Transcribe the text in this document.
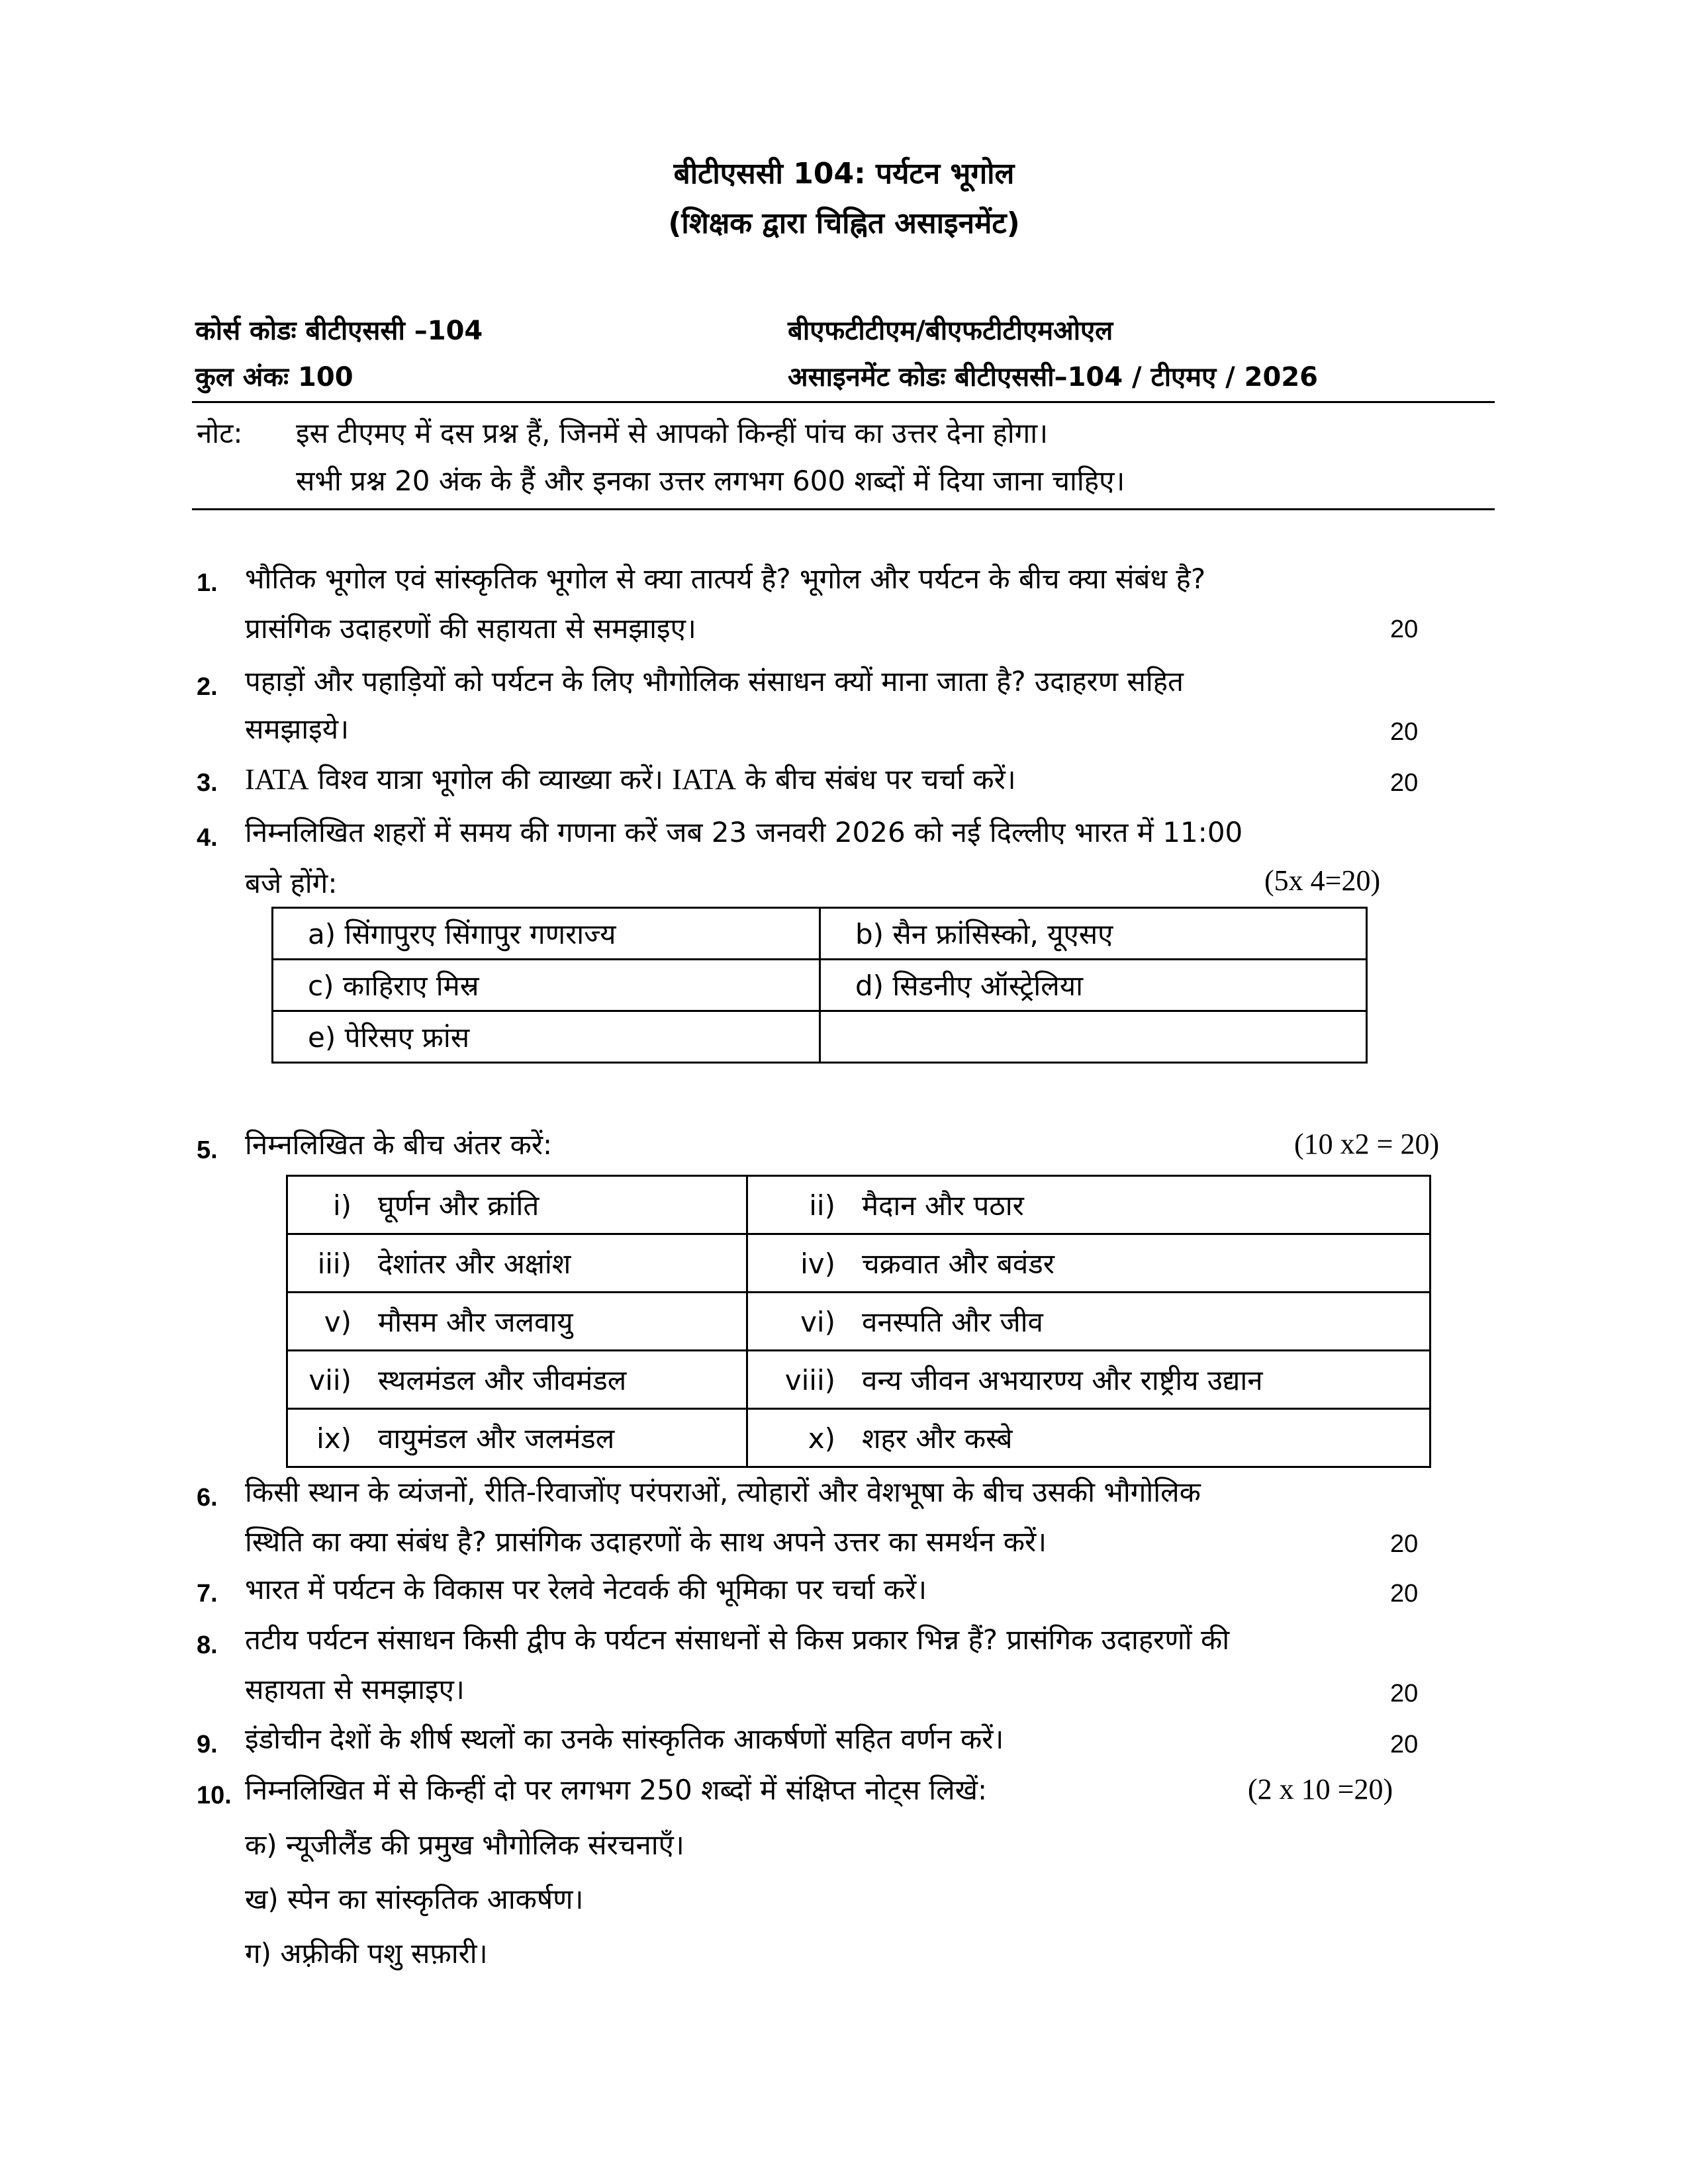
बीटीएससी 104: पर्यटन भूगोल
(शिक्षक द्वारा चिह्नित असाइनमेंट)
कोर्स कोडः बीटीएससी –104	बीएफटीटीएम/बीएफटीटीएमओएल
कुल अंकः 100	असाइनमेंट कोडः बीटीएससी–104 / टीएमए / 2026
नोट: इस टीएमए में दस प्रश्न हैं, जिनमें से आपको किन्हीं पांच का उत्तर देना होगा।
सभी प्रश्न 20 अंक के हैं और इनका उत्तर लगभग 600 शब्दों में दिया जाना चाहिए।
1. भौतिक भूगोल एवं सांस्कृतिक भूगोल से क्या तात्पर्य है? भूगोल और पर्यटन के बीच क्या संबंध है?
प्रासंगिक उदाहरणों की सहायता से समझाइए।	20
2. पहाड़ों और पहाड़ियों को पर्यटन के लिए भौगोलिक संसाधन क्यों माना जाता है? उदाहरण सहित
समझाइये।	20
3. IATA विश्व यात्रा भूगोल की व्याख्या करें। IATA के बीच संबंध पर चर्चा करें।	20
4. निम्नलिखित शहरों में समय की गणना करें जब 23 जनवरी 2026 को नई दिल्लीए भारत में 11:00
बजे होंगे:	(5x 4=20)
a) सिंगापुरए सिंगापुर गणराज्य	b) सैन फ्रांसिस्को, यूएसए
c) काहिराए मिस्र	d) सिडनीए ऑस्ट्रेलिया
e) पेरिसए फ्रांस	
5. निम्नलिखित के बीच अंतर करें:	(10 x2 = 20)
i) घूर्णन और क्रांति	ii) मैदान और पठार
iii) देशांतर और अक्षांश	iv) चक्रवात और बवंडर
v) मौसम और जलवायु	vi) वनस्पति और जीव
vii) स्थलमंडल और जीवमंडल	viii) वन्य जीवन अभयारण्य और राष्ट्रीय उद्यान
ix) वायुमंडल और जलमंडल	x) शहर और कस्बे
6. किसी स्थान के व्यंजनों, रीति-रिवाजोंए परंपराओं, त्योहारों और वेशभूषा के बीच उसकी भौगोलिक
स्थिति का क्या संबंध है? प्रासंगिक उदाहरणों के साथ अपने उत्तर का समर्थन करें।	20
7. भारत में पर्यटन के विकास पर रेलवे नेटवर्क की भूमिका पर चर्चा करें।	20
8. तटीय पर्यटन संसाधन किसी द्वीप के पर्यटन संसाधनों से किस प्रकार भिन्न हैं? प्रासंगिक उदाहरणों की
सहायता से समझाइए।	20
9. इंडोचीन देशों के शीर्ष स्थलों का उनके सांस्कृतिक आकर्षणों सहित वर्णन करें।	20
10. निम्नलिखित में से किन्हीं दो पर लगभग 250 शब्दों में संक्षिप्त नोट्स लिखें:	(2 x 10 =20)
क) न्यूजीलैंड की प्रमुख भौगोलिक संरचनाएँ।
ख) स्पेन का सांस्कृतिक आकर्षण।
ग) अफ़्रीकी पशु सफ़ारी।
